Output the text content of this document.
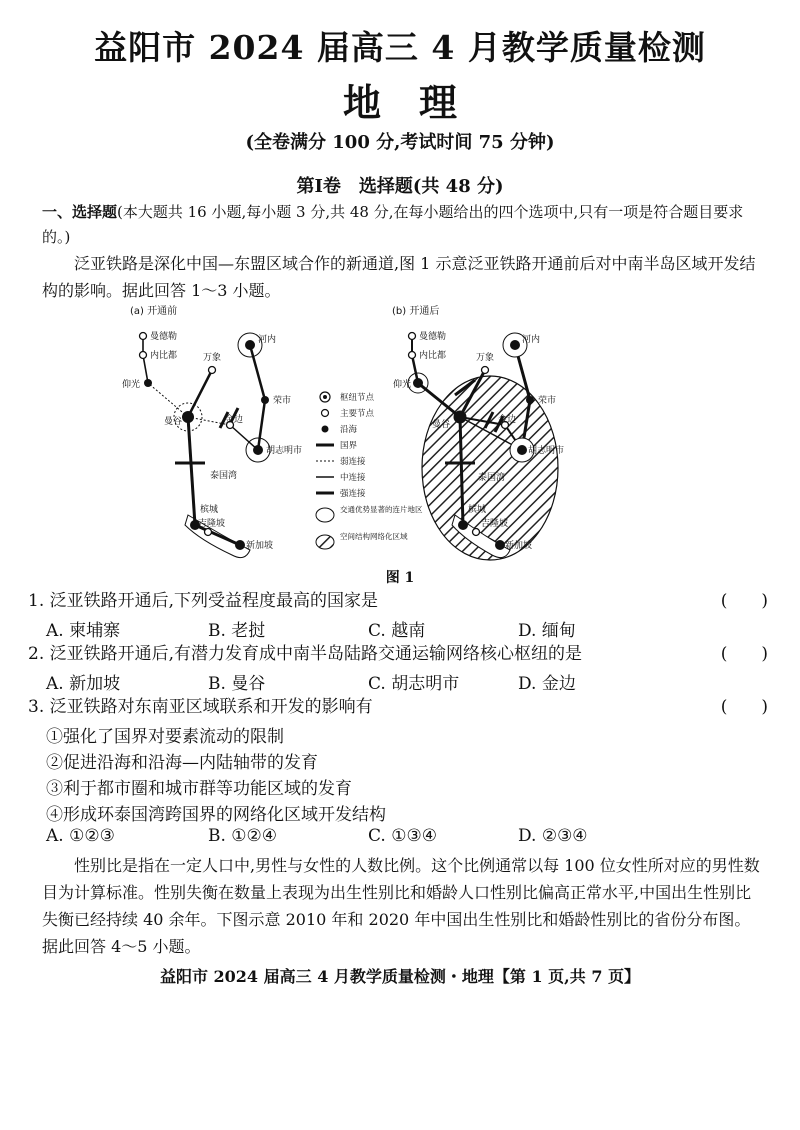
益阳市 2024 届高三 4 月教学质量检测
地理
(全卷满分 100 分,考试时间 75 分钟)
第Ⅰ卷　选择题(共 48 分)
一、选择题(本大题共 16 小题,每小题 3 分,共 48 分,在每小题给出的四个选项中,只有一项是符合题目要求的。)
泛亚铁路是深化中国—东盟区域合作的新通道,图 1 示意泛亚铁路开通前后对中南半岛区域开发结构的影响。据此回答 1～3 小题。
(a) 开通前
曼德勒
内比都
仰光
万象
河内
荣市
曼谷	金边
胡志明市
泰国湾
槟城
吉隆坡
新加坡
枢纽节点
主要节点
沿海
国界
弱连接
中连接
强连接
交通优势显著的连片地区
空间结构网络化区域
(b) 开通后
曼德勒
内比都
仰光
万象
河内
荣市
曼谷	金边
胡志明市
泰国湾
槟城
吉隆坡
新加坡
图 1
1. 泛亚铁路开通后,下列受益程度最高的国家是	(　　)
A. 柬埔寨	B. 老挝	C. 越南	D. 缅甸
2. 泛亚铁路开通后,有潜力发育成中南半岛陆路交通运输网络核心枢纽的是	(　　)
A. 新加坡	B. 曼谷	C. 胡志明市	D. 金边
3. 泛亚铁路对东南亚区域联系和开发的影响有	(　　)
①强化了国界对要素流动的限制
②促进沿海和沿海—内陆轴带的发育
③利于都市圈和城市群等功能区域的发育
④形成环泰国湾跨国界的网络化区域开发结构
A. ①②③	B. ①②④	C. ①③④	D. ②③④
性别比是指在一定人口中,男性与女性的人数比例。这个比例通常以每 100 位女性所对应的男性数目为计算标准。性别失衡在数量上表现为出生性别比和婚龄人口性别比偏高正常水平,中国出生性别比失衡已经持续 40 余年。下图示意 2010 年和 2020 年中国出生性别比和婚龄性别比的省份分布图。据此回答 4～5 小题。
益阳市 2024 届高三 4 月教学质量检测・地理【第 1 页,共 7 页】
